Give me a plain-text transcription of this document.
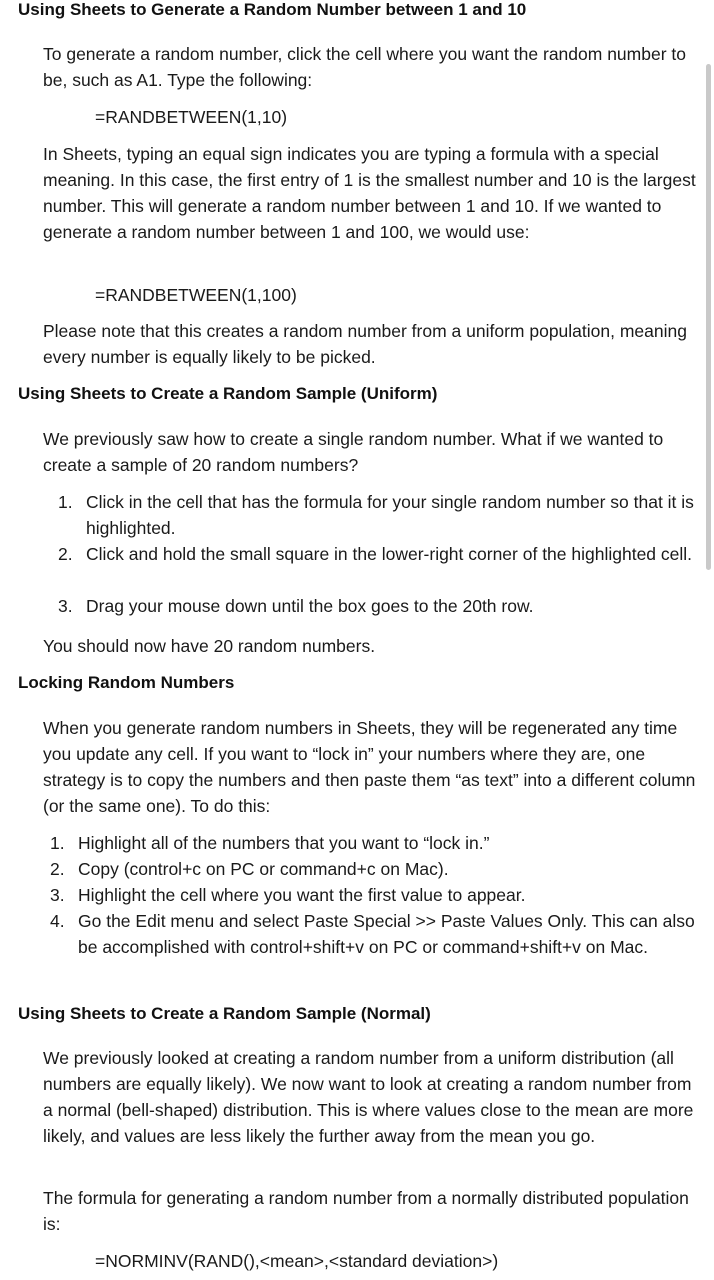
Using Sheets to Generate a Random Number between 1 and 10
To generate a random number, click the cell where you want the random number to be, such as A1. Type the following:
=RANDBETWEEN(1,10)
In Sheets, typing an equal sign indicates you are typing a formula with a special meaning. In this case, the first entry of 1 is the smallest number and 10 is the largest number. This will generate a random number between 1 and 10. If we wanted to generate a random number between 1 and 100, we would use:
=RANDBETWEEN(1,100)
Please note that this creates a random number from a uniform population, meaning every number is equally likely to be picked.
Using Sheets to Create a Random Sample (Uniform)
We previously saw how to create a single random number. What if we wanted to create a sample of 20 random numbers?
1. Click in the cell that has the formula for your single random number so that it is highlighted.
2. Click and hold the small square in the lower-right corner of the highlighted cell.
3. Drag your mouse down until the box goes to the 20th row.
You should now have 20 random numbers.
Locking Random Numbers
When you generate random numbers in Sheets, they will be regenerated any time you update any cell. If you want to “lock in” your numbers where they are, one strategy is to copy the numbers and then paste them “as text” into a different column (or the same one). To do this:
1. Highlight all of the numbers that you want to “lock in.”
2. Copy (control+c on PC or command+c on Mac).
3. Highlight the cell where you want the first value to appear.
4. Go the Edit menu and select Paste Special >> Paste Values Only. This can also be accomplished with control+shift+v on PC or command+shift+v on Mac.
Using Sheets to Create a Random Sample (Normal)
We previously looked at creating a random number from a uniform distribution (all numbers are equally likely). We now want to look at creating a random number from a normal (bell-shaped) distribution. This is where values close to the mean are more likely, and values are less likely the further away from the mean you go.
The formula for generating a random number from a normally distributed population is:
=NORMINV(RAND(),<mean>,<standard deviation>)
